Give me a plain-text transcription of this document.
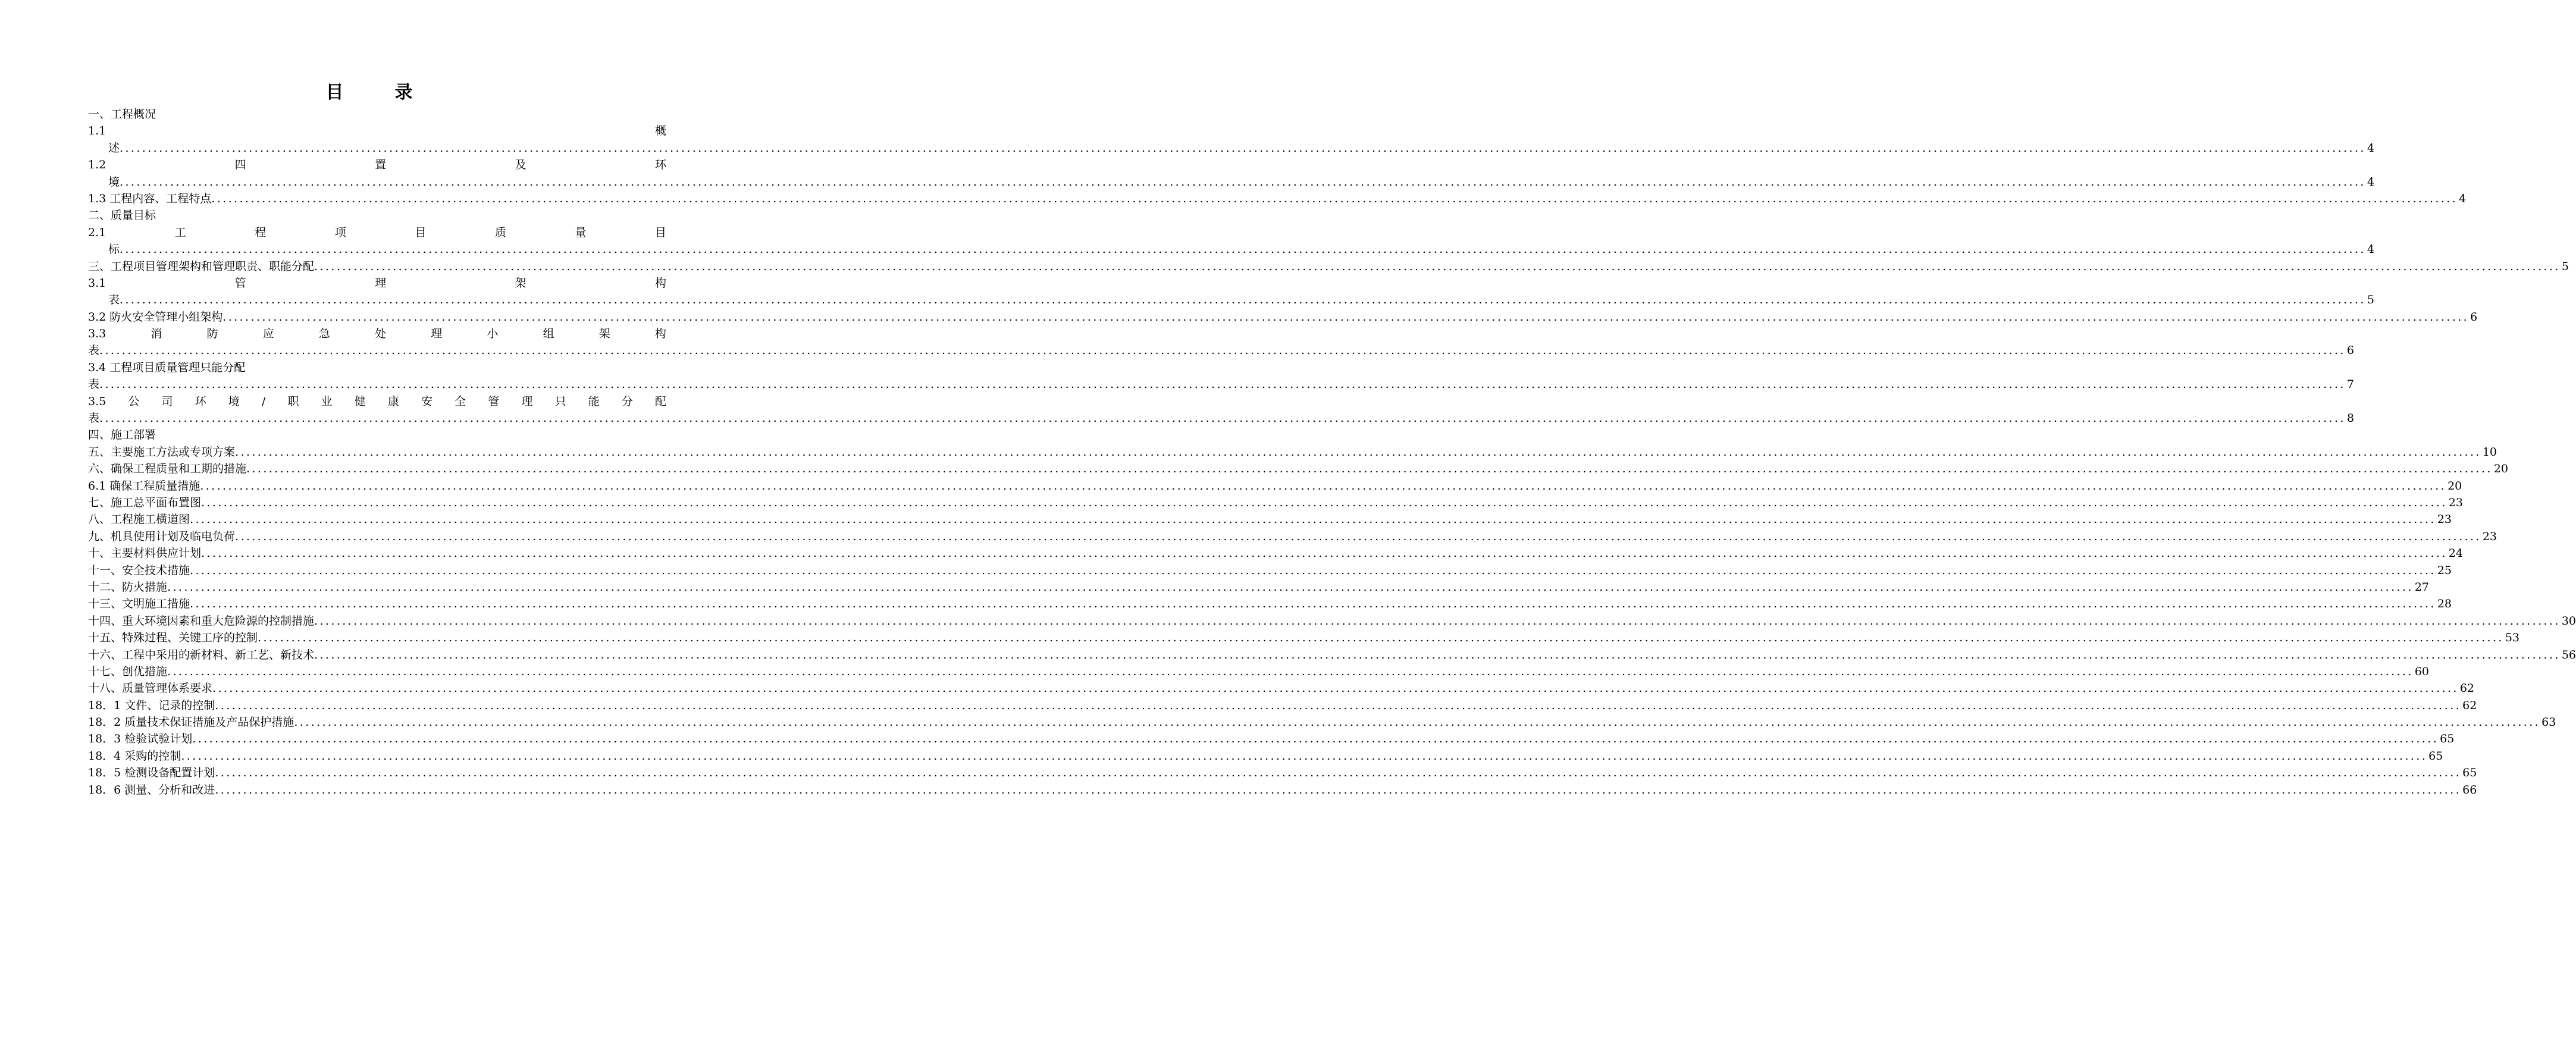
目　录
一、工程概况
1.1	概
述 ................................................................................................................................................................................................................................................................................................................................................................................................................ 4
1.2	四	置	及	环
境 ................................................................................................................................................................................................................................................................................................................................................................................................................ 4
1.3 工程内容、工程特点 ................................................................................................................................................................................................................................................................................................................................................................................................................ 4
二、质量目标
2.1	工	程	项	目	质	量	目
标 ................................................................................................................................................................................................................................................................................................................................................................................................................ 4
三、工程项目管理架构和管理职责、职能分配 ................................................................................................................................................................................................................................................................................................................................................................................................................ 5
3.1	管	理	架	构
表 ................................................................................................................................................................................................................................................................................................................................................................................................................ 5
3.2 防火安全管理小组架构 ................................................................................................................................................................................................................................................................................................................................................................................................................ 6
3.3	消	防	应	急	处	理	小	组	架	构
表 ................................................................................................................................................................................................................................................................................................................................................................................................................ 6
3.4 工程项目质量管理只能分配
表 ................................................................................................................................................................................................................................................................................................................................................................................................................ 7
3.5 公 司 环 境 / 职 业 健 康 安 全 管 理 只 能 分 配
表 ................................................................................................................................................................................................................................................................................................................................................................................................................ 8
四、施工部署
五、主要施工方法或专项方案 ................................................................................................................................................................................................................................................................................................................................................................................................................ 10
六、确保工程质量和工期的措施 ................................................................................................................................................................................................................................................................................................................................................................................................................ 20
6.1 确保工程质量措施 ................................................................................................................................................................................................................................................................................................................................................................................................................ 20
七、施工总平面布置图 ................................................................................................................................................................................................................................................................................................................................................................................................................ 23
八、工程施工横道图 ................................................................................................................................................................................................................................................................................................................................................................................................................ 23
九、机具使用计划及临电负荷 ................................................................................................................................................................................................................................................................................................................................................................................................................ 23
十、主要材料供应计划 ................................................................................................................................................................................................................................................................................................................................................................................................................ 24
十一、安全技术措施 ................................................................................................................................................................................................................................................................................................................................................................................................................ 25
十二、防火措施 ................................................................................................................................................................................................................................................................................................................................................................................................................ 27
十三、文明施工措施 ................................................................................................................................................................................................................................................................................................................................................................................................................ 28
十四、重大环境因素和重大危险源的控制措施 ................................................................................................................................................................................................................................................................................................................................................................................................................ 30
十五、特殊过程、关键工序的控制 ................................................................................................................................................................................................................................................................................................................................................................................................................ 53
十六、工程中采用的新材料、新工艺、新技术 ................................................................................................................................................................................................................................................................................................................................................................................................................ 56
十七、创优措施 ................................................................................................................................................................................................................................................................................................................................................................................................................ 60
十八、质量管理体系要求 ................................................................................................................................................................................................................................................................................................................................................................................................................ 62
18．1 文件、记录的控制 ................................................................................................................................................................................................................................................................................................................................................................................................................ 62
18．2 质量技术保证措施及产品保护措施 ................................................................................................................................................................................................................................................................................................................................................................................................................ 63
18．3 检验试验计划 ................................................................................................................................................................................................................................................................................................................................................................................................................ 65
18．4 采购的控制 ................................................................................................................................................................................................................................................................................................................................................................................................................ 65
18．5 检测设备配置计划 ................................................................................................................................................................................................................................................................................................................................................................................................................ 65
18．6 测量、分析和改进 ................................................................................................................................................................................................................................................................................................................................................................................................................ 66
